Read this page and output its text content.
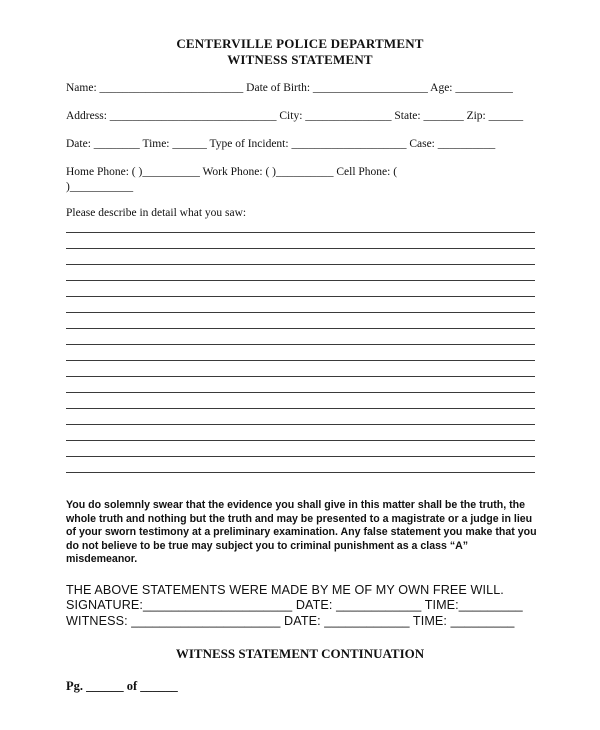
CENTERVILLE POLICE DEPARTMENT
WITNESS STATEMENT
Name: _________________________ Date of Birth: ____________________ Age: __________
Address: _____________________________ City: _______________ State: _______ Zip: ______
Date: ________ Time: ______ Type of Incident: ____________________ Case: __________
Home Phone: ( )__________ Work Phone: ( )__________ Cell Phone: (
)___________
Please describe in detail what you saw:
You do solemnly swear that the evidence you shall give in this matter shall be the truth, the whole truth and nothing but the truth and may be presented to a magistrate or a judge in lieu of your sworn testimony at a preliminary examination. Any false statement you make that you do not believe to be true may subject you to criminal punishment as a class “A” misdemeanor.
THE ABOVE STATEMENTS WERE MADE BY ME OF MY OWN FREE WILL.
SIGNATURE:_____________________ DATE: ____________ TIME:_________
WITNESS: _____________________ DATE: ____________ TIME: _________
WITNESS STATEMENT CONTINUATION
Pg. ______ of ______
